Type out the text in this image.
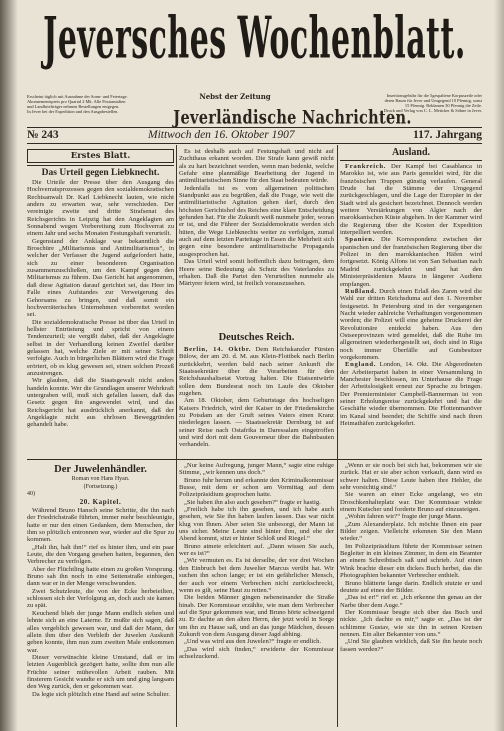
Jeversches Wochenblatt.
Erscheint täglich mit Ausnahme der Sonn- und Feiertage.
Abonnementspreis pro Quartal 2 Mk. Alle Postanstalten
und Landbriefträger nehmen Bestellungen entgegen.
In Jever bei der Expedition und den Ausgabestellen.
Nebst der Zeitung
Jeverländische Nachrichten.
Insertionsgebühr für die 5gespaltene Korpuszeile oder
deren Raum für Jever und Umgegend 10 Pfennig, sonst
15 Pfennig. Reklamen 30 Pfennig die Zeile.
Druck und Verlag von C. L. Mettcker & Söhne in Jever.
№ 243	Mittwoch den 16. Oktober 1907	117. Jahrgang
Erstes Blatt.
Das Urteil gegen Liebknecht.

Die Urteile der Presse über den Ausgang des Hochverratsprozesses gegen den sozialdemokratischen Rechtsanwalt Dr. Karl Liebknecht lauten, wie nicht anders zu erwarten war, sehr verschieden. Der vereinigte zweite und dritte Strafsenat des Reichsgerichts in Leipzig hat den Angeklagten am Sonnabend wegen Vorbereitung zum Hochverrat zu einem Jahr und sechs Monaten Festungshaft verurteilt.

Gegenstand der Anklage war bekanntlich die Broschüre „Militarismus und Antimilitarismus“, in welcher der Verfasser die Jugend aufgefordert hatte, sich zu einer besonderen Organisation zusammenzuschließen, um den Kampf gegen den Militarismus zu führen. Das Gericht hat angenommen, daß diese Agitation darauf gerichtet sei, das Heer im Falle eines Aufstandes zur Verweigerung des Gehorsams zu bringen, und daß somit ein hochverräterisches Unternehmen vorbereitet worden sei.

Die sozialdemokratische Presse ist über das Urteil in hellster Entrüstung und spricht von einem Tendenzurteil; sie vergißt dabei, daß der Angeklagte selbst in der Verhandlung keinen Zweifel darüber gelassen hat, welche Ziele er mit seiner Schrift verfolgte. Auch in bürgerlichen Blättern wird die Frage erörtert, ob es klug gewesen sei, einen solchen Prozeß anzustrengen.

Wir glauben, daß die Staatsgewalt nicht anders handeln konnte. Wer die Grundlagen unserer Wehrkraft untergraben will, muß sich gefallen lassen, daß das Gesetz gegen ihn angewendet wird, und das Reichsgericht hat ausdrücklich anerkannt, daß der Angeklagte nicht aus ehrlosen Beweggründen gehandelt habe.

Es ist deshalb auch auf Festungshaft und nicht auf Zuchthaus erkannt worden. Die Strafe kann gewiß nicht als zu hart bezeichnet werden, wenn man bedenkt, welche Gefahr eine planmäßige Bearbeitung der Jugend in antimilitaristischem Sinne für den Staat bedeuten würde.

Jedenfalls ist es vom allgemeinen politischen Standpunkt aus zu begrüßen, daß die Frage, wie weit die antimilitaristische Agitation gehen darf, durch den höchsten Gerichtshof des Reiches eine klare Entscheidung gefunden hat. Für die Zukunft weiß nunmehr jeder, woran er ist, und die Führer der Sozialdemokratie werden sich hüten, die Wege Liebknechts weiter zu verfolgen, zumal auch auf dem letzten Parteitage in Essen die Mehrheit sich gegen eine besondere antimilitaristische Propaganda ausgesprochen hat.

Das Urteil wird somit hoffentlich dazu beitragen, dem Heere seine Bedeutung als Schutz des Vaterlandes zu erhalten. Daß die Partei den Verurteilten nunmehr als Märtyrer feiern wird, ist freilich vorauszusehen.

Deutsches Reich.

Berlin, 14. Oktbr. Dem Reichskanzler Fürsten Bülow, der am 20. d. M. aus Klein-Flottbek nach Berlin zurückkehrt, werden bald nach seiner Ankunft die Staatssekretäre über die Vorarbeiten für den Reichshaushaltsetat Vortrag halten. Die Etatsentwürfe sollen dem Bundesrat noch im Laufe des Oktober zugehen.

Am 18. Oktober, dem Geburtstage des hochseligen Kaisers Friedrich, wird der Kaiser in der Friedenskirche zu Potsdam an der Gruft seines Vaters einen Kranz niederlegen lassen. — Staatssekretär Dernburg ist auf seiner Reise nach Ostafrika in Daressalam eingetroffen und wird dort mit dem Gouverneur über die Bahnbauten verhandeln.

Ausland.

Frankreich. Der Kampf bei Casablanca in Marokko ist, wie aus Paris gemeldet wird, für die französischen Truppen günstig verlaufen. General Drude hat die Stämme der Umgegend zurückgeschlagen, und die Lage der Europäer in der Stadt wird als gesichert bezeichnet. Dennoch werden weitere Verstärkungen von Algier nach der marokkanischen Küste abgehen. In der Kammer wird die Regierung über die Kosten der Expedition interpelliert werden.

Spanien. Die Korrespondenz zwischen der spanischen und der französischen Regierung über die Polizei in den marokkanischen Häfen wird fortgesetzt. König Alfons ist von San Sebastian nach Madrid zurückgekehrt und hat den Ministerpräsidenten Maura in längerer Audienz empfangen.

Rußland. Durch einen Erlaß des Zaren wird die Wahl zur dritten Reichsduma auf den 1. November festgesetzt. In Petersburg sind in der vergangenen Nacht wieder zahlreiche Verhaftungen vorgenommen worden; die Polizei will eine geheime Druckerei der Revolutionäre entdeckt haben. Aus den Ostseeprovinzen wird gemeldet, daß die Ruhe im allgemeinen wiederhergestellt sei, doch sind in Riga noch immer Überfälle auf Gutsbesitzer vorgekommen.

England. London, 14. Okt. Die Abgeordneten der Arbeiterpartei haben in einer Versammlung in Manchester beschlossen, im Unterhause die Frage der Arbeitslosigkeit erneut zur Sprache zu bringen. Der Premierminister Campbell-Bannerman ist von seiner Erholungsreise zurückgekehrt und hat die Geschäfte wieder übernommen. Die Flottenmanöver im Kanal sind beendet; die Schiffe sind nach ihren Heimathäfen zurückgekehrt.

Der Juwelenhändler.
Roman von Hans Hyan.
(Fortsetzung.)
40)
20. Kapitel.

Während Bruno Hansch seine Schritte, die ihn nach der Friedrichstraße führten, immer mehr beschleunigte, hatte er nur den einen Gedanken, dem Menschen, der ihm so plötzlich entronnen war, wieder auf die Spur zu kommen.

„Halt ihn, halt ihn!“ rief es hinter ihm, und ein paar Leute, die den Vorgang gesehen hatten, begannen, den Verbrecher zu verfolgen.

Aber der Flüchtling hatte einen zu großen Vorsprung. Bruno sah ihn noch in eine Seitenstraße einbiegen, dann war er in der Menge verschwunden.

Zwei Schutzleute, die von der Ecke herbeieilten, schlossen sich der Verfolgung an, doch auch sie kamen zu spät.

Keuchend blieb der junge Mann endlich stehen und lehnte sich an eine Laterne. Er mußte sich sagen, daß alles vergeblich gewesen war, und daß der Mann, der allein ihm über den Verbleib der Juwelen Auskunft geben konnte, ihm nun zum zweiten Male entkommen war.

Dieser verwünschte kleine Umstand, daß er im letzten Augenblick gezögert hatte, sollte ihm nun alle Früchte seiner mühevollen Arbeit rauben. Mit finsterem Gesicht wandte er sich um und ging langsam den Weg zurück, den er gekommen war.

Da legte sich plötzlich eine Hand auf seine Schulter.

„Nur keine Aufregung, junger Mann,“ sagte eine ruhige Stimme, „wir kennen uns doch.“

Bruno fuhr herum und erkannte den Kriminalkommissar Busse, mit dem er schon am Vormittag auf dem Polizeipräsidium gesprochen hatte.

„Sie haben ihn also auch gesehen?“ fragte er hastig.

„Freilich habe ich ihn gesehen, und ich habe auch gesehen, wie Sie ihn haben laufen lassen. Das war nicht klug von Ihnen. Aber seien Sie unbesorgt, der Mann ist uns sicher. Meine Leute sind hinter ihm, und ehe der Abend kommt, sitzt er hinter Schloß und Riegel.“

Bruno atmete erleichtert auf. „Dann wissen Sie auch, wer es ist?“

„Wir vermuten es. Es ist derselbe, der vor drei Wochen den Einbruch bei dem Juwelier Marcus verübt hat. Wir suchen ihn schon lange; er ist ein gefährlicher Mensch, der auch vor einem Verbrechen nicht zurückschreckt, wenn es gilt, seine Haut zu retten.“

Die beiden Männer gingen nebeneinander die Straße hinab. Der Kommissar erzählte, wie man dem Verbrecher auf die Spur gekommen war, und Bruno hörte schweigend zu. Er dachte an den alten Herrn, der jetzt wohl in Sorge um ihn zu Hause saß, und an das junge Mädchen, dessen Zukunft von dem Ausgang dieser Jagd abhing.

„Und was wird aus den Juwelen?“ fragte er endlich.

„Das wird sich finden,“ erwiderte der Kommissar achselzuckend.

„Wenn er sie noch bei sich hat, bekommen wir sie zurück. Hat er sie aber schon verkauft, dann wird es schwer halten. Diese Leute haben ihre Hehler, die sehr vorsichtig sind.“

Sie waren an einer Ecke angelangt, wo ein Droschkenhalteplatz war. Der Kommissar winkte einem Kutscher und forderte Bruno auf einzusteigen.

„Wohin fahren wir?“ fragte der junge Mann.

„Zum Alexanderplatz. Ich möchte Ihnen ein paar Bilder zeigen. Vielleicht erkennen Sie den Mann wieder.“

Im Polizeipräsidium führte der Kommissar seinen Begleiter in ein kleines Zimmer, in dem ein Beamter an einem Schreibtisch saß und schrieb. Auf einen Wink brachte dieser ein dickes Buch herbei, das die Photographien bekannter Verbrecher enthielt.

Bruno blätterte lange darin. Endlich stutzte er und deutete auf eines der Bilder.

„Das ist er!“ rief er. „Ich erkenne ihn genau an der Narbe über dem Auge.“

Der Kommissar beugte sich über das Buch und nickte. „Ich dachte es mir,“ sagte er. „Das ist der schlimme Gustav, wie sie ihn in seinen Kreisen nennen. Ein alter Bekannter von uns.“

„Und Sie glauben wirklich, daß Sie ihn heute noch fassen werden?“
